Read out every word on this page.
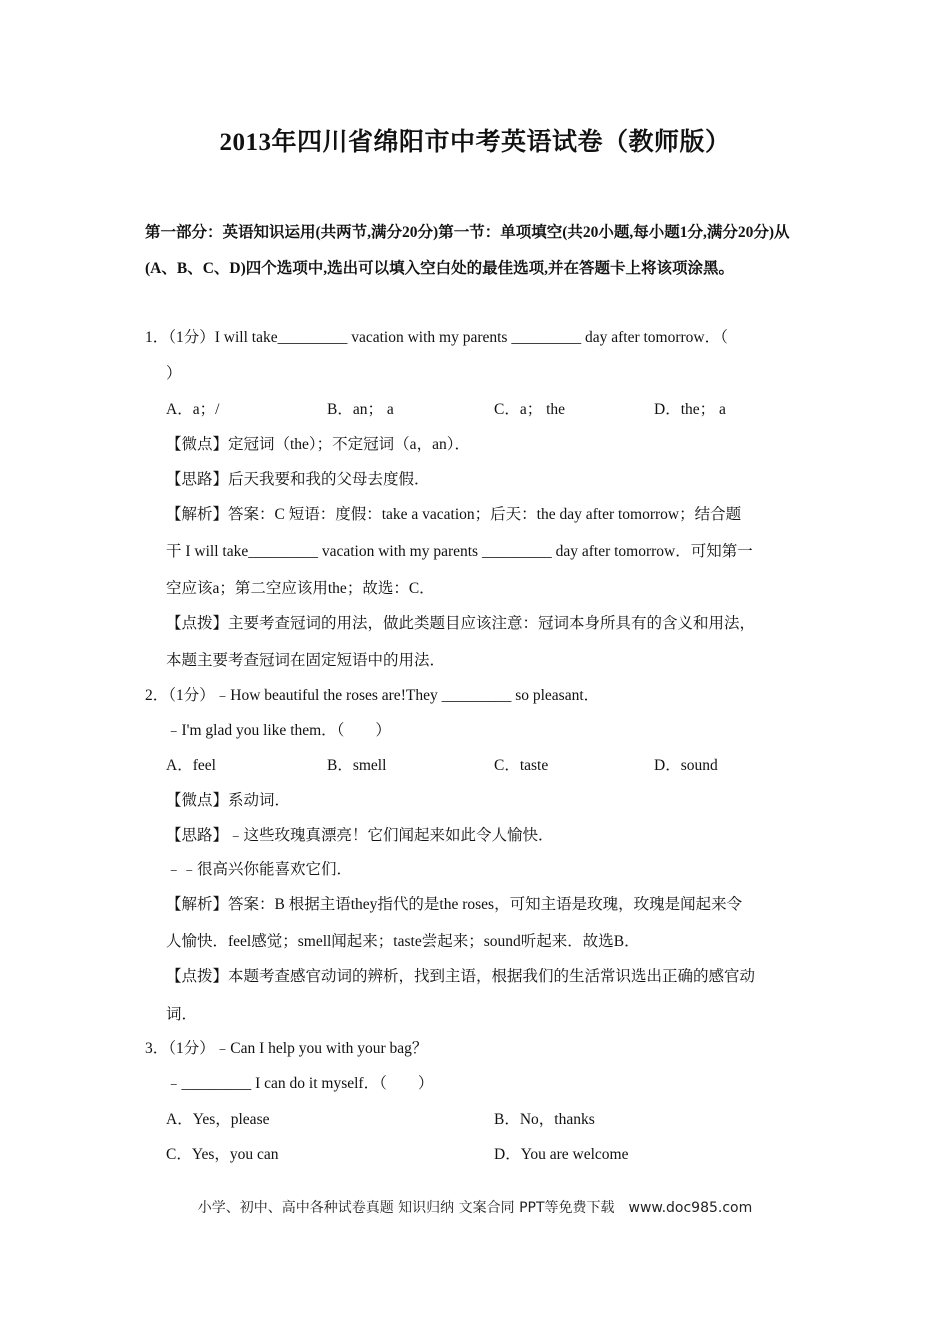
2013年四川省绵阳市中考英语试卷（教师版）
第一部分：英语知识运用(共两节,满分20分)第一节：单项填空(共20小题,每小题1分,满分20分)从(A、B、C、D)四个选项中,选出可以填入空白处的最佳选项,并在答题卡上将该项涂黑。
1．（1分）I will take_________ vacation with my parents _________ day after tomorrow．（
）
A．a；/	B．an； a	C．a； the	D．the； a
【微点】定冠词（the）；不定冠词（a，an）．
【思路】后天我要和我的父母去度假．
【解析】答案：C 短语：度假：take a vacation；后天：the day after tomorrow；结合题
干 I will take_________ vacation with my parents _________ day after tomorrow．可知第一
空应该a；第二空应该用the；故选：C．
【点拨】主要考查冠词的用法，做此类题目应该注意：冠词本身所具有的含义和用法，
本题主要考查冠词在固定短语中的用法．
2．（1分）﹣How beautiful the roses are!They _________ so pleasant．
﹣I'm glad you like them．（　　）
A．feel	B．smell	C．taste	D．sound
【微点】系动词．
【思路】﹣这些玫瑰真漂亮！它们闻起来如此令人愉快．
﹣﹣很高兴你能喜欢它们．
【解析】答案：B 根据主语they指代的是the roses，可知主语是玫瑰，玫瑰是闻起来令
人愉快．feel感觉；smell闻起来；taste尝起来；sound听起来．故选B．
【点拨】本题考查感官动词的辨析，找到主语，根据我们的生活常识选出正确的感官动
词．
3．（1分）﹣Can I help you with your bag？
﹣_________ I can do it myself．（　　）
A．Yes，please	B．No，thanks
C．Yes，you can	D．You are welcome
小学、初中、高中各种试卷真题 知识归纳 文案合同 PPT等免费下载　www.doc985.com
